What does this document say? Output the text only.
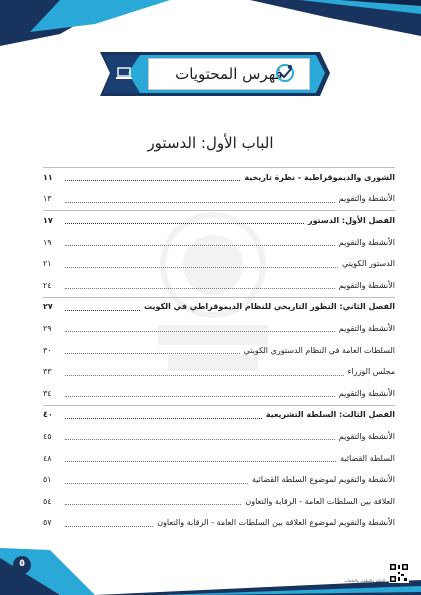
فهرس المحتويات
الباب الأول: الدستور
الشورى والديموقراطية - نظرة تاريخية
١١
الأنشطة والتقويم
١٣
الفصل الأول: الدستور
١٧
الأنشطة والتقويم
١٩
الدستور الكويتي
٢١
الأنشطة والتقويم
٢٤
الفصل الثاني: التطور التاريخي للنظام الديموقراطي في الكويت
٢٧
الأنشطة والتقويم
٢٩
السلطات العامة في النظام الدستوري الكويتي
٣٠
مجلس الوزراء
٣٣
الأنشطة والتقويم
٣٤
الفصل الثالث: السلطة التشريعية
٤٠
الأنشطة والتقويم
٤٥
السلطة القضائية
٤٨
الأنشطة والتقويم لموضوع السلطة القضائية
٥١
العلاقة بين السلطات العامة - الرقابة والتعاون
٥٤
الأنشطة والتقويم لموضوع العلاقة بين السلطات العامة - الرقابة والتعاون
٥٧
٥
التعلم والتطوير والعلمات
